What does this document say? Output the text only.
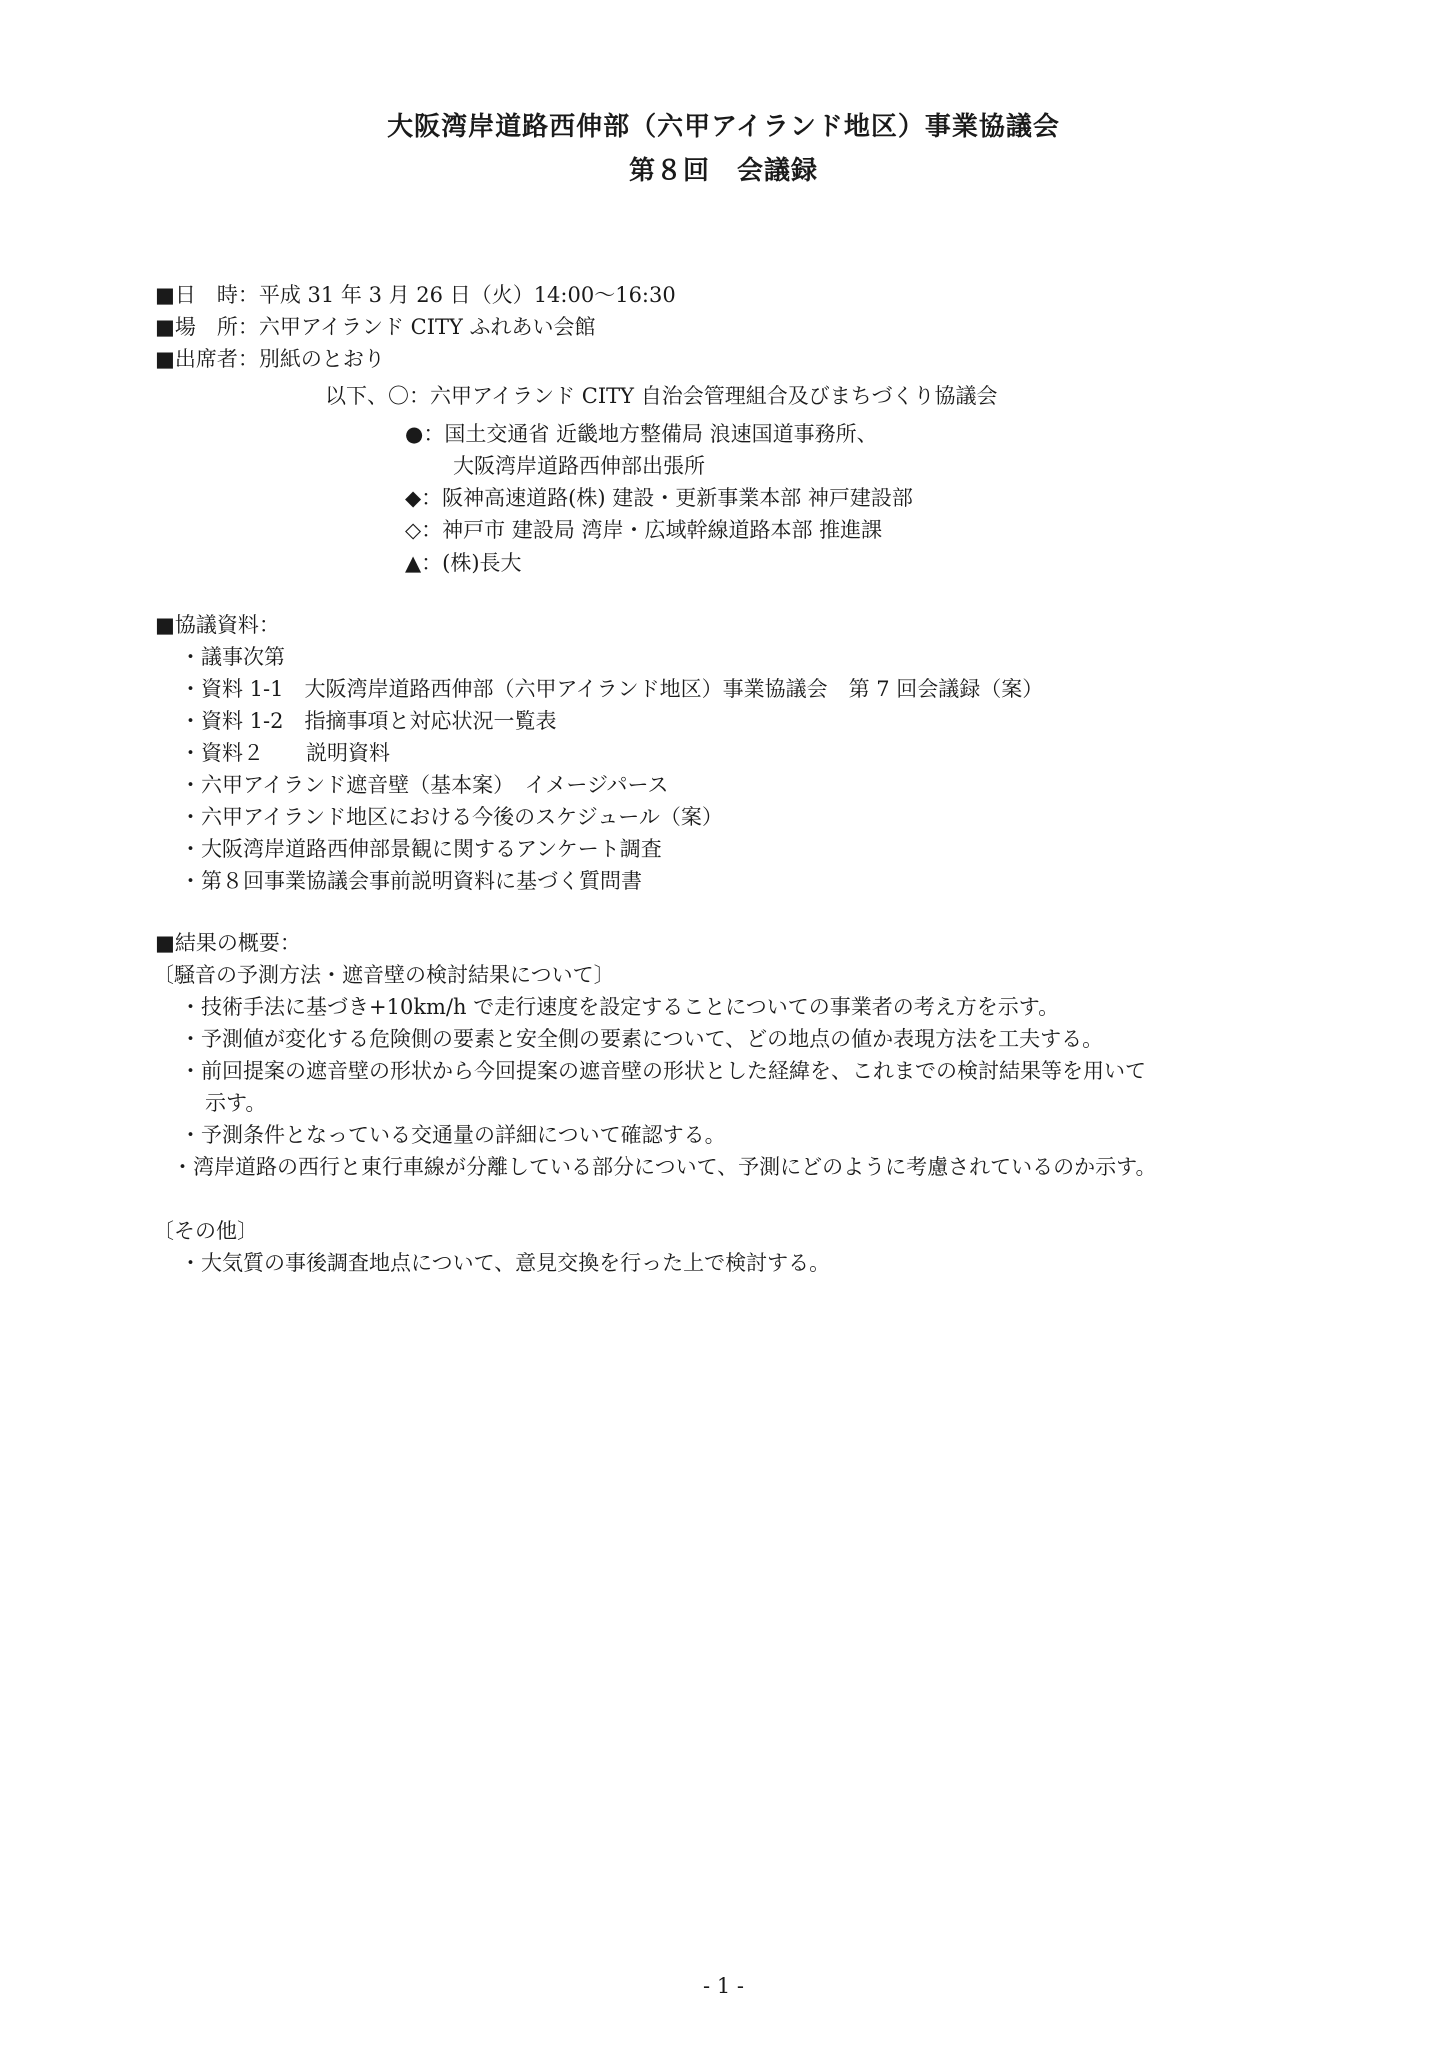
大阪湾岸道路西伸部（六甲アイランド地区）事業協議会
第８回　会議録
■日　時：平成 31 年 3 月 26 日（火）14:00～16:30
■場　所：六甲アイランド CITY ふれあい会館
■出席者：別紙のとおり
以下、〇：六甲アイランド CITY 自治会管理組合及びまちづくり協議会
●：国土交通省 近畿地方整備局 浪速国道事務所、
大阪湾岸道路西伸部出張所
◆：阪神高速道路(株) 建設・更新事業本部 神戸建設部
◇：神戸市 建設局 湾岸・広域幹線道路本部 推進課
▲：(株)長大
■協議資料：
・議事次第
・資料 1-1　大阪湾岸道路西伸部（六甲アイランド地区）事業協議会　第 7 回会議録（案）
・資料 1-2　指摘事項と対応状況一覧表
・資料２　　説明資料
・六甲アイランド遮音壁（基本案）　イメージパース
・六甲アイランド地区における今後のスケジュール（案）
・大阪湾岸道路西伸部景観に関するアンケート調査
・第８回事業協議会事前説明資料に基づく質問書
■結果の概要：
〔騒音の予測方法・遮音壁の検討結果について〕
・技術手法に基づき+10km/h で走行速度を設定することについての事業者の考え方を示す。
・予測値が変化する危険側の要素と安全側の要素について、どの地点の値か表現方法を工夫する。
・前回提案の遮音壁の形状から今回提案の遮音壁の形状とした経緯を、これまでの検討結果等を用いて
示す。
・予測条件となっている交通量の詳細について確認する。
・湾岸道路の西行と東行車線が分離している部分について、予測にどのように考慮されているのか示す。
〔その他〕
・大気質の事後調査地点について、意見交換を行った上で検討する。
- 1 -
